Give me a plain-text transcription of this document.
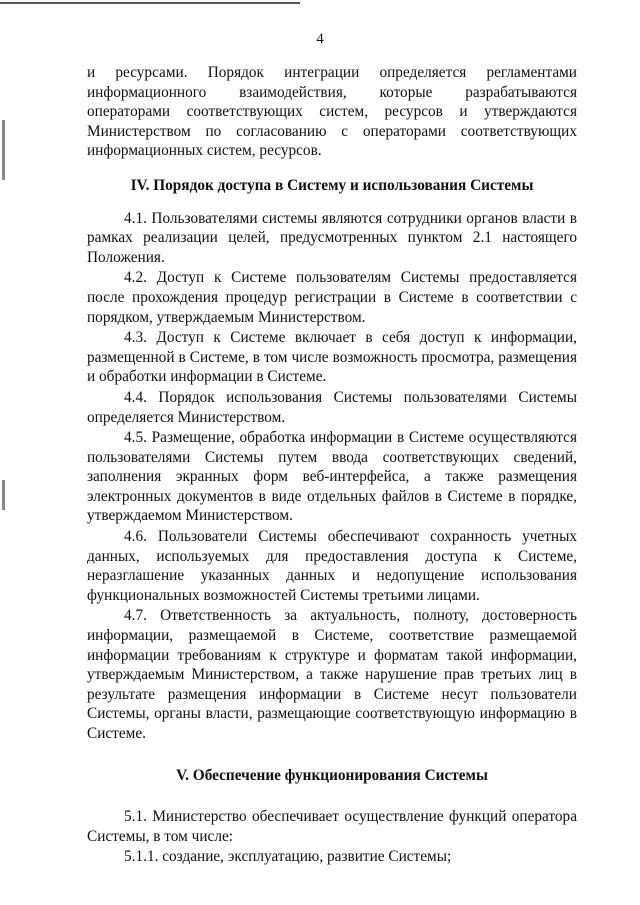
4

и ресурсами. Порядок интеграции определяется регламентами информационного взаимодействия, которые разрабатываются операторами соответствующих систем, ресурсов и утверждаются Министерством по согласованию с операторами соответствующих информационных систем, ресурсов.

IV. Порядок доступа в Систему и использования Системы

4.1. Пользователями системы являются сотрудники органов власти в рамках реализации целей, предусмотренных пунктом 2.1 настоящего Положения.

4.2. Доступ к Системе пользователям Системы предоставляется после прохождения процедур регистрации в Системе в соответствии с порядком, утверждаемым Министерством.

4.3. Доступ к Системе включает в себя доступ к информации, размещенной в Системе, в том числе возможность просмотра, размещения и обработки информации в Системе.

4.4. Порядок использования Системы пользователями Системы определяется Министерством.

4.5. Размещение, обработка информации в Системе осуществляются пользователями Системы путем ввода соответствующих сведений, заполнения экранных форм веб-интерфейса, а также размещения электронных документов в виде отдельных файлов в Системе в порядке, утверждаемом Министерством.

4.6. Пользователи Системы обеспечивают сохранность учетных данных, используемых для предоставления доступа к Системе, неразглашение указанных данных и недопущение использования функциональных возможностей Системы третьими лицами.

4.7. Ответственность за актуальность, полноту, достоверность информации, размещаемой в Системе, соответствие размещаемой информации требованиям к структуре и форматам такой информации, утверждаемым Министерством, а также нарушение прав третьих лиц в результате размещения информации в Системе несут пользователи Системы, органы власти, размещающие соответствующую информацию в Системе.

V. Обеспечение функционирования Системы

5.1. Министерство обеспечивает осуществление функций оператора Системы, в том числе:

5.1.1. создание, эксплуатацию, развитие Системы;
